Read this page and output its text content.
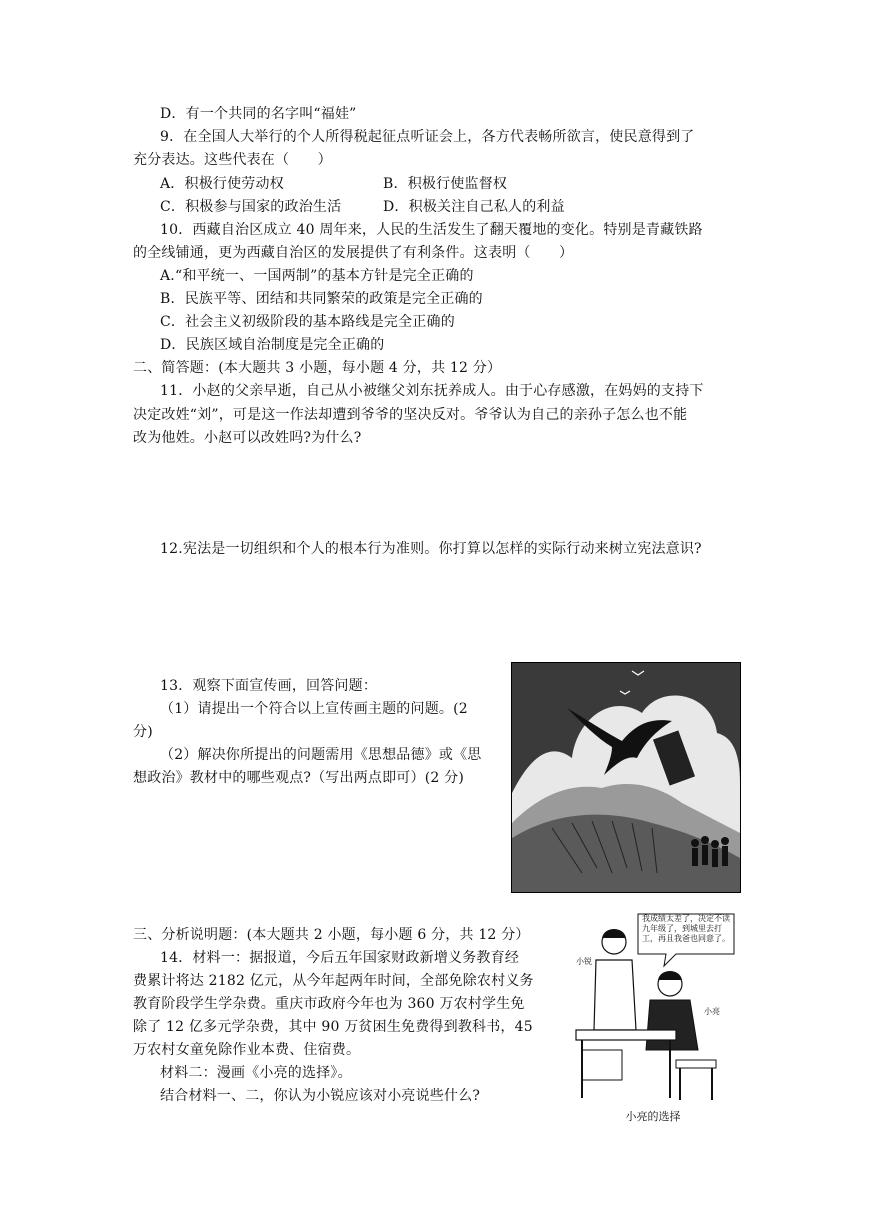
D．有一个共同的名字叫“福娃”
9．在全国人大举行的个人所得税起征点听证会上，各方代表畅所欲言，使民意得到了
充分表达。这些代表在（　　）
A．积极行使劳动权	B．积极行使监督权
C．积极参与国家的政治生活	D．积极关注自己私人的利益
10．西藏自治区成立 40 周年来，人民的生活发生了翻天覆地的变化。特别是青藏铁路
的全线铺通，更为西藏自治区的发展提供了有利条件。这表明（　　）
A.“和平统一、一国两制”的基本方针是完全正确的
B．民族平等、团结和共同繁荣的政策是完全正确的
C．社会主义初级阶段的基本路线是完全正确的
D．民族区域自治制度是完全正确的
二、简答题：(本大题共 3 小题，每小题 4 分，共 12 分）
11．小赵的父亲早逝，自己从小被继父刘东抚养成人。由于心存感激，在妈妈的支持下
决定改姓“刘”，可是这一作法却遭到爷爷的坚决反对。爷爷认为自己的亲孙子怎么也不能
改为他姓。小赵可以改姓吗?为什么?
12.宪法是一切组织和个人的根本行为准则。你打算以怎样的实际行动来树立宪法意识?
13．观察下面宣传画，回答问题：
（1）请提出一个符合以上宣传画主题的问题。(2
分)
（2）解决你所提出的问题需用《思想品德》或《思
想政治》教材中的哪些观点?（写出两点即可）(2 分)
三、分析说明题：(本大题共 2 小题，每小题 6 分，共 12 分）
14．材料一：据报道，今后五年国家财政新增义务教育经
费累计将达 2182 亿元，从今年起两年时间，全部免除农村义务
教育阶段学生学杂费。重庆市政府今年也为 360 万农村学生免
除了 12 亿多元学杂费，其中 90 万贫困生免费得到教科书，45
万农村女童免除作业本费、住宿费。
材料二：漫画《小亮的选择》。
结合材料一、二，你认为小锐应该对小亮说些什么?
我成绩太差了，决定不读九年级了，到城里去打工，再且我爸也同意了。
小锐
小亮
小亮的选择
